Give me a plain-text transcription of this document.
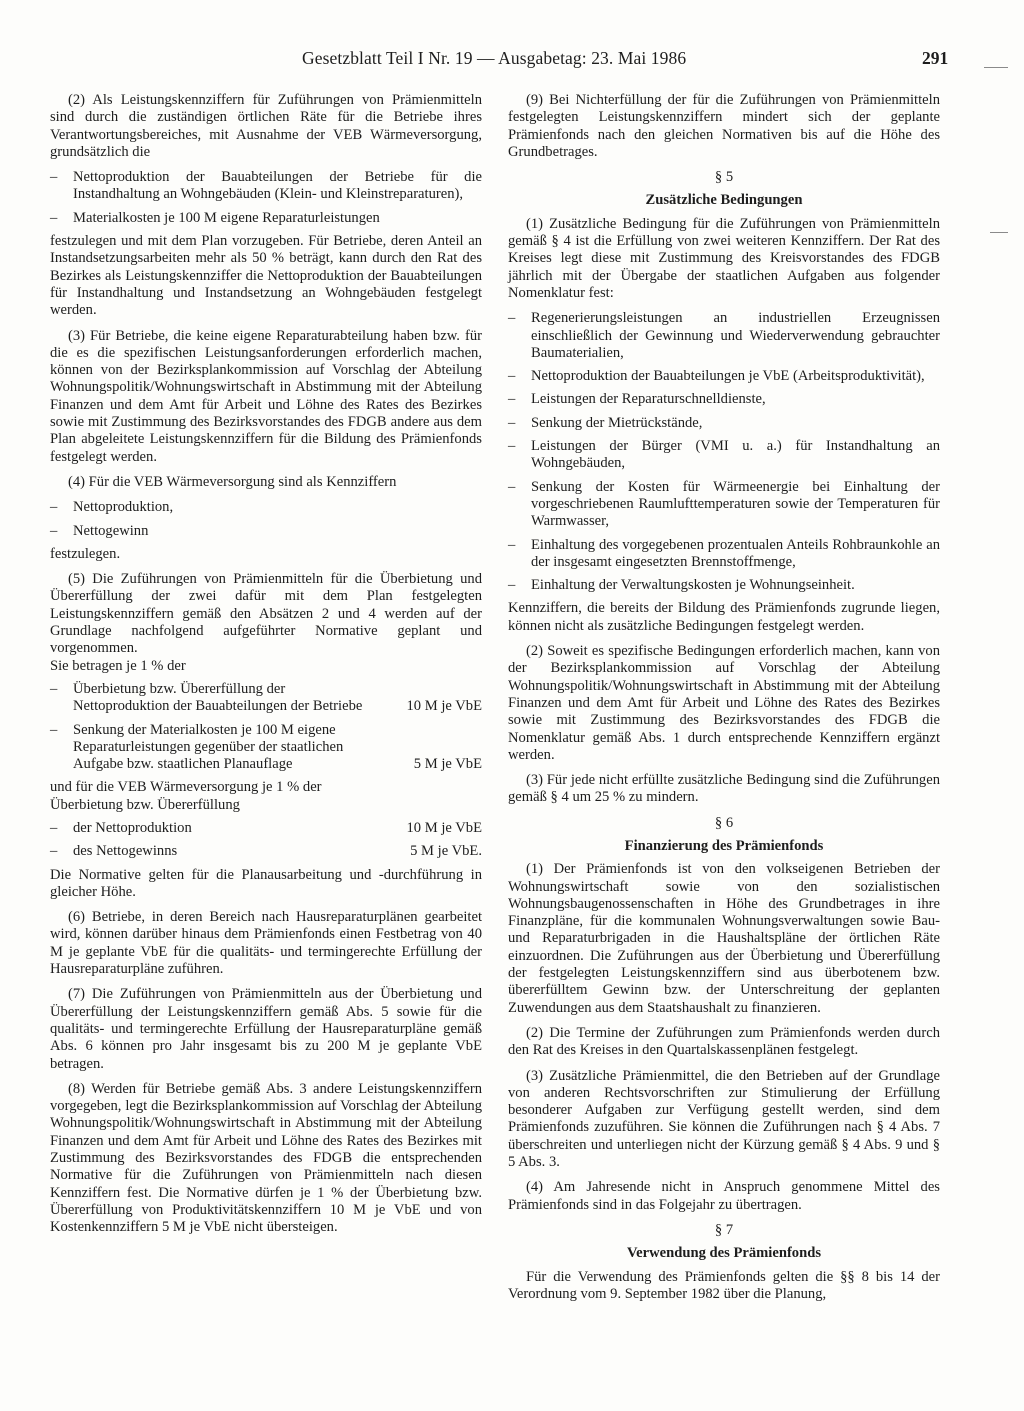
Gesetzblatt Teil I Nr. 19 — Ausgabetag: 23. Mai 1986	291

(2) Als Leistungskennziffern für Zuführungen von Prämienmitteln sind durch die zuständigen örtlichen Räte für die Betriebe ihres Verantwortungsbereiches, mit Ausnahme der VEB Wärmeversorgung, grundsätzlich die

– Nettoproduktion der Bauabteilungen der Betriebe für die Instandhaltung an Wohngebäuden (Klein- und Kleinstreparaturen),
– Materialkosten je 100 M eigene Reparaturleistungen

festzulegen und mit dem Plan vorzugeben. Für Betriebe, deren Anteil an Instandsetzungsarbeiten mehr als 50 % beträgt, kann durch den Rat des Bezirkes als Leistungskennziffer die Nettoproduktion der Bauabteilungen für Instandhaltung und Instandsetzung an Wohngebäuden festgelegt werden.

(3) Für Betriebe, die keine eigene Reparaturabteilung haben bzw. für die es die spezifischen Leistungsanforderungen erforderlich machen, können von der Bezirksplankommission auf Vorschlag der Abteilung Wohnungspolitik/Wohnungswirtschaft in Abstimmung mit der Abteilung Finanzen und dem Amt für Arbeit und Löhne des Rates des Bezirkes sowie mit Zustimmung des Bezirksvorstandes des FDGB andere aus dem Plan abgeleitete Leistungskennziffern für die Bildung des Prämienfonds festgelegt werden.

(4) Für die VEB Wärmeversorgung sind als Kennziffern

– Nettoproduktion,
– Nettogewinn

festzulegen.

(5) Die Zuführungen von Prämienmitteln für die Überbietung und Übererfüllung der zwei dafür mit dem Plan festgelegten Leistungskennziffern gemäß den Absätzen 2 und 4 werden auf der Grundlage nachfolgend aufgeführter Normative geplant und vorgenommen.

Sie betragen je 1 % der

– Überbietung bzw. Übererfüllung der Nettoproduktion der Bauabteilungen der Betriebe	10 M je VbE
– Senkung der Materialkosten je 100 M eigene Reparaturleistungen gegenüber der staatlichen Aufgabe bzw. staatlichen Planauflage	5 M je VbE
und für die VEB Wärmeversorgung je 1 % der Überbietung bzw. Übererfüllung
– der Nettoproduktion	10 M je VbE
– des Nettogewinns	5 M je VbE.

Die Normative gelten für die Planausarbeitung und -durchführung in gleicher Höhe.

(6) Betriebe, in deren Bereich nach Hausreparaturplänen gearbeitet wird, können darüber hinaus dem Prämienfonds einen Festbetrag von 40 M je geplante VbE für die qualitäts- und termingerechte Erfüllung der Hausreparaturpläne zuführen.

(7) Die Zuführungen von Prämienmitteln aus der Überbietung und Übererfüllung der Leistungskennziffern gemäß Abs. 5 sowie für die qualitäts- und termingerechte Erfüllung der Hausreparaturpläne gemäß Abs. 6 können pro Jahr insgesamt bis zu 200 M je geplante VbE betragen.

(8) Werden für Betriebe gemäß Abs. 3 andere Leistungskennziffern vorgegeben, legt die Bezirksplankommission auf Vorschlag der Abteilung Wohnungspolitik/Wohnungswirtschaft in Abstimmung mit der Abteilung Finanzen und dem Amt für Arbeit und Löhne des Rates des Bezirkes mit Zustimmung des Bezirksvorstandes des FDGB die entsprechenden Normative für die Zuführungen von Prämienmitteln nach diesen Kennziffern fest. Die Normative dürfen je 1 % der Überbietung bzw. Übererfüllung von Produktivitätskennziffern 10 M je VbE und von Kostenkennziffern 5 M je VbE nicht übersteigen.

(9) Bei Nichterfüllung der für die Zuführungen von Prämienmitteln festgelegten Leistungskennziffern mindert sich der geplante Prämienfonds nach den gleichen Normativen bis auf die Höhe des Grundbetrages.

§ 5
Zusätzliche Bedingungen

(1) Zusätzliche Bedingung für die Zuführungen von Prämienmitteln gemäß § 4 ist die Erfüllung von zwei weiteren Kennziffern. Der Rat des Kreises legt diese mit Zustimmung des Kreisvorstandes des FDGB jährlich mit der Übergabe der staatlichen Aufgaben aus folgender Nomenklatur fest:

– Regenerierungsleistungen an industriellen Erzeugnissen einschließlich der Gewinnung und Wiederverwendung gebrauchter Baumaterialien,
– Nettoproduktion der Bauabteilungen je VbE (Arbeitsproduktivität),
– Leistungen der Reparaturschnelldienste,
– Senkung der Mietrückstände,
– Leistungen der Bürger (VMI u. a.) für Instandhaltung an Wohngebäuden,
– Senkung der Kosten für Wärmeenergie bei Einhaltung der vorgeschriebenen Raumlufttemperaturen sowie der Temperaturen für Warmwasser,
– Einhaltung des vorgegebenen prozentualen Anteils Rohbraunkohle an der insgesamt eingesetzten Brennstoffmenge,
– Einhaltung der Verwaltungskosten je Wohnungseinheit.

Kennziffern, die bereits der Bildung des Prämienfonds zugrunde liegen, können nicht als zusätzliche Bedingungen festgelegt werden.

(2) Soweit es spezifische Bedingungen erforderlich machen, kann von der Bezirksplankommission auf Vorschlag der Abteilung Wohnungspolitik/Wohnungswirtschaft in Abstimmung mit der Abteilung Finanzen und dem Amt für Arbeit und Löhne des Rates des Bezirkes sowie mit Zustimmung des Bezirksvorstandes des FDGB die Nomenklatur gemäß Abs. 1 durch entsprechende Kennziffern ergänzt werden.

(3) Für jede nicht erfüllte zusätzliche Bedingung sind die Zuführungen gemäß § 4 um 25 % zu mindern.

§ 6
Finanzierung des Prämienfonds

(1) Der Prämienfonds ist von den volkseigenen Betrieben der Wohnungswirtschaft sowie von den sozialistischen Wohnungsbaugenossenschaften in Höhe des Grundbetrages in ihre Finanzpläne, für die kommunalen Wohnungsverwaltungen sowie Bau- und Reparaturbrigaden in die Haushaltspläne der örtlichen Räte einzuordnen. Die Zuführungen aus der Überbietung und Übererfüllung der festgelegten Leistungskennziffern sind aus überbotenem bzw. übererfülltem Gewinn bzw. der Unterschreitung der geplanten Zuwendungen aus dem Staatshaushalt zu finanzieren.

(2) Die Termine der Zuführungen zum Prämienfonds werden durch den Rat des Kreises in den Quartalskassenplänen festgelegt.

(3) Zusätzliche Prämienmittel, die den Betrieben auf der Grundlage von anderen Rechtsvorschriften zur Stimulierung der Erfüllung besonderer Aufgaben zur Verfügung gestellt werden, sind dem Prämienfonds zuzuführen. Sie können die Zuführungen nach § 4 Abs. 7 überschreiten und unterliegen nicht der Kürzung gemäß § 4 Abs. 9 und § 5 Abs. 3.

(4) Am Jahresende nicht in Anspruch genommene Mittel des Prämienfonds sind in das Folgejahr zu übertragen.

§ 7
Verwendung des Prämienfonds

Für die Verwendung des Prämienfonds gelten die §§ 8 bis 14 der Verordnung vom 9. September 1982 über die Planung,
